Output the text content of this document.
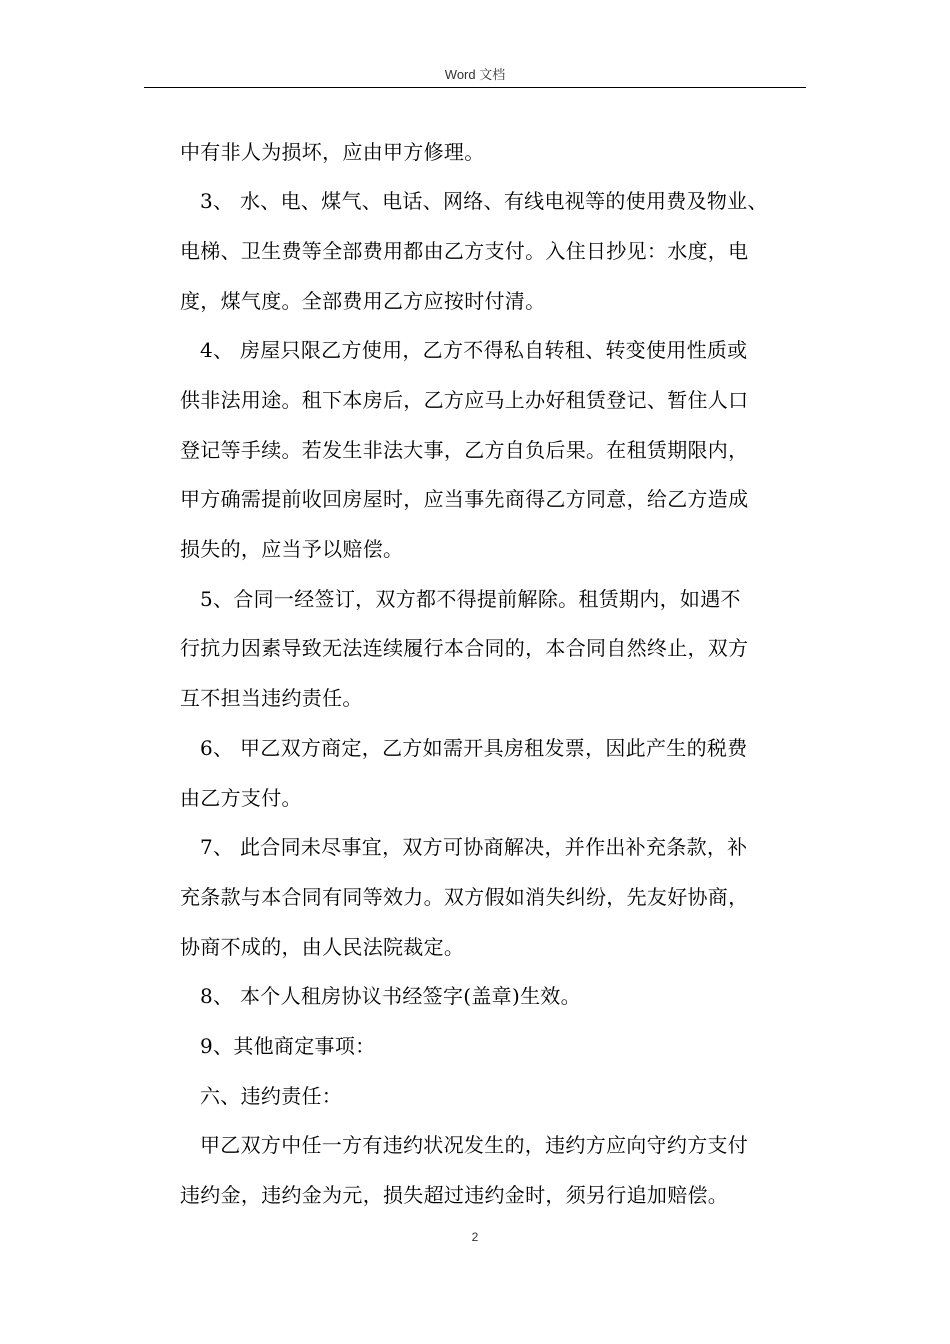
Word 文档
中有非人为损坏，应由甲方修理。
3、 水、电、煤气、电话、网络、有线电视等的使用费及物业、
电梯、卫生费等全部费用都由乙方支付。入住日抄见：水度，电
度，煤气度。全部费用乙方应按时付清。
4、 房屋只限乙方使用，乙方不得私自转租、转变使用性质或
供非法用途。租下本房后，乙方应马上办好租赁登记、暂住人口
登记等手续。若发生非法大事，乙方自负后果。在租赁期限内，
甲方确需提前收回房屋时，应当事先商得乙方同意，给乙方造成
损失的，应当予以赔偿。
5、合同一经签订，双方都不得提前解除。租赁期内，如遇不
行抗力因素导致无法连续履行本合同的，本合同自然终止，双方
互不担当违约责任。
6、 甲乙双方商定，乙方如需开具房租发票，因此产生的税费
由乙方支付。
7、 此合同未尽事宜，双方可协商解决，并作出补充条款，补
充条款与本合同有同等效力。双方假如消失纠纷，先友好协商，
协商不成的，由人民法院裁定。
8、 本个人租房协议书经签字(盖章)生效。
9、其他商定事项：
六、违约责任：
甲乙双方中任一方有违约状况发生的，违约方应向守约方支付
违约金，违约金为元，损失超过违约金时，须另行追加赔偿。
2
